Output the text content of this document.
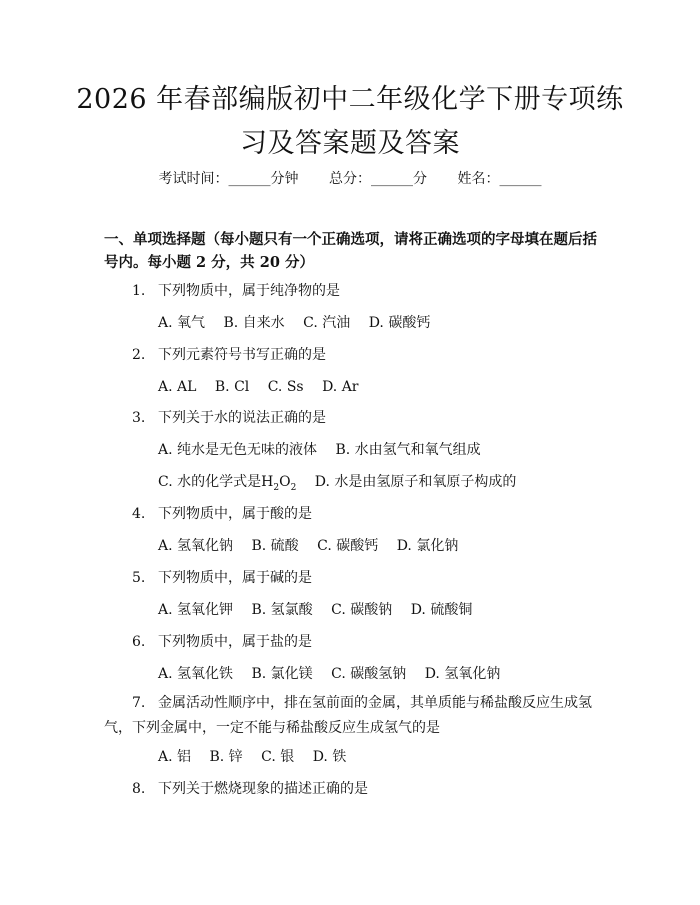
2026 年春部编版初中二年级化学下册专项练
习及答案题及答案
考试时间：______分钟 总分：______分 姓名：______

一、单项选择题（每小题只有一个正确选项，请将正确选项的字母填在题后括号内。每小题 2 分，共 20 分）

1. 下列物质中，属于纯净物的是
A. 氧气 B. 自来水 C. 汽油 D. 碳酸钙
2. 下列元素符号书写正确的是
A. AL B. Cl C. Ss D. Ar
3. 下列关于水的说法正确的是
A. 纯水是无色无味的液体 B. 水由氢气和氧气组成
C. 水的化学式是$H_2O_2$ D. 水是由氢原子和氧原子构成的
4. 下列物质中，属于酸的是
A. 氢氧化钠 B. 硫酸 C. 碳酸钙 D. 氯化钠
5. 下列物质中，属于碱的是
A. 氢氧化钾 B. 氢氯酸 C. 碳酸钠 D. 硫酸铜
6. 下列物质中，属于盐的是
A. 氢氧化铁 B. 氯化镁 C. 碳酸氢钠 D. 氢氧化钠
7. 金属活动性顺序中，排在氢前面的金属，其单质能与稀盐酸反应生成氢气，下列金属中，一定不能与稀盐酸反应生成氢气的是
A. 铝 B. 锌 C. 银 D. 铁
8. 下列关于燃烧现象的描述正确的是
